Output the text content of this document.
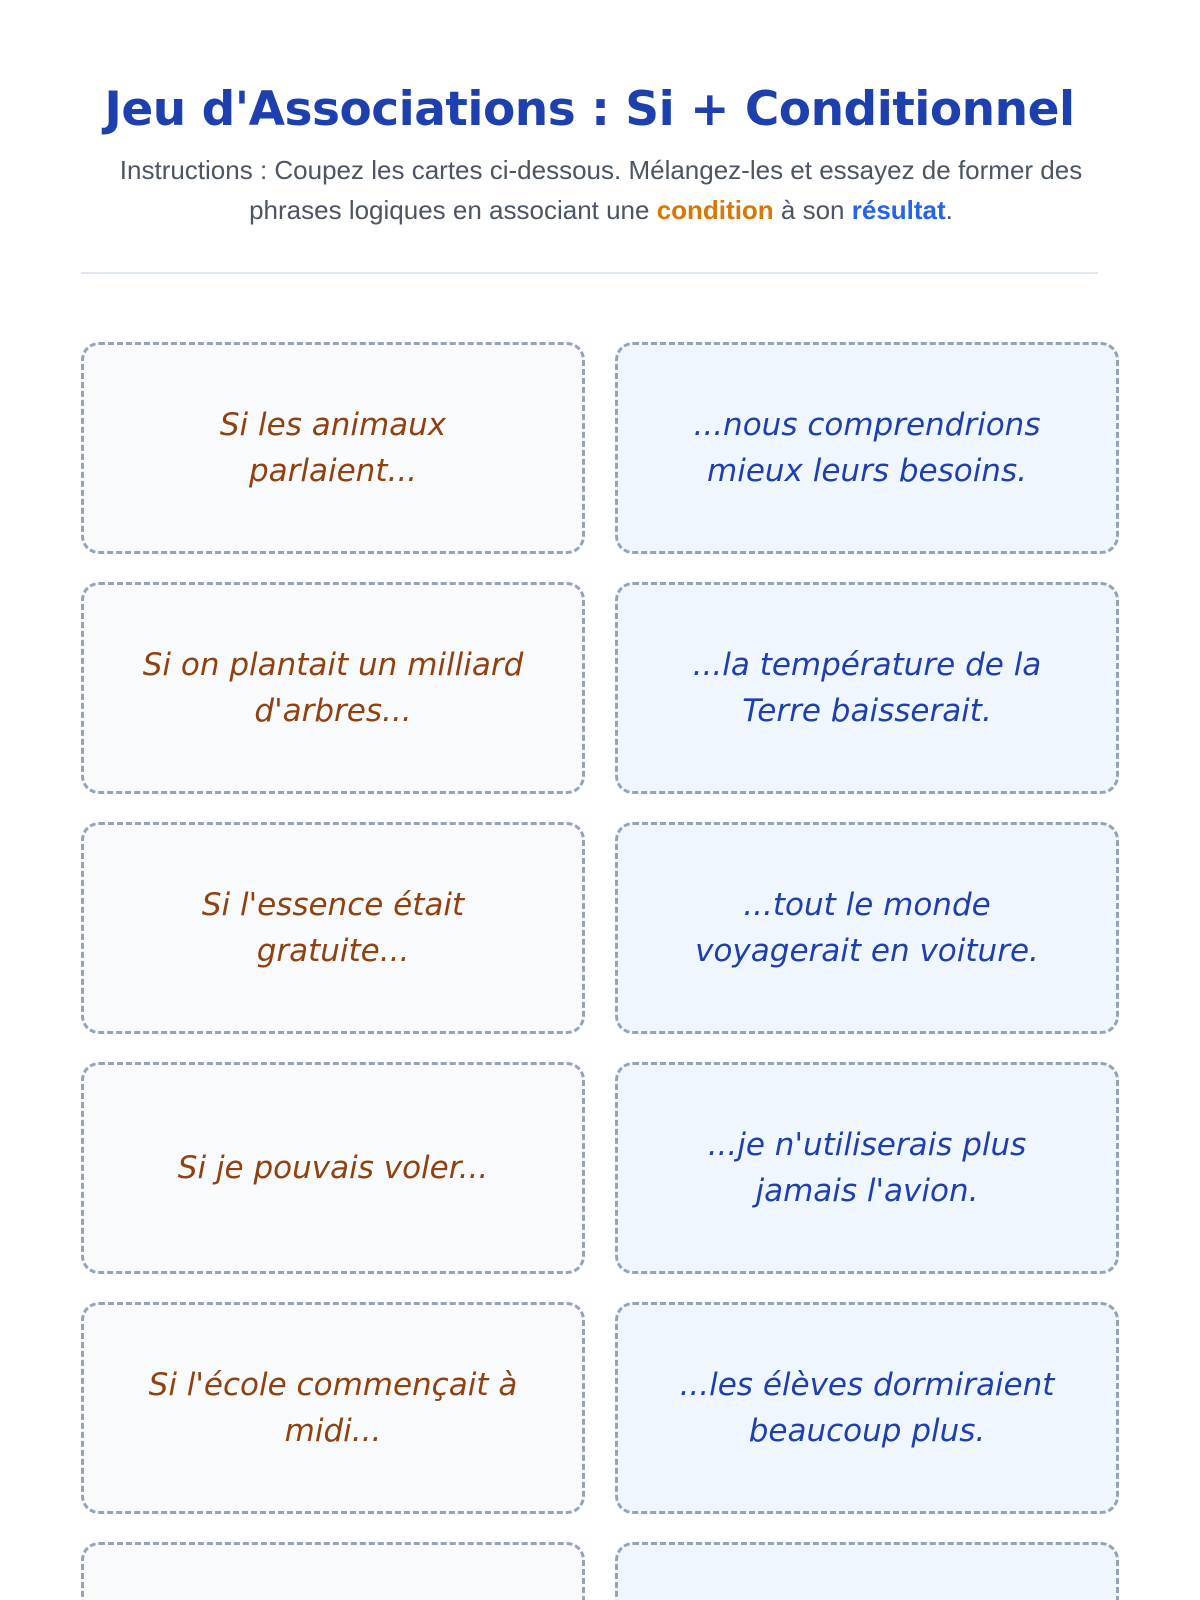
Jeu d'Associations : Si + Conditionnel

Instructions : Coupez les cartes ci-dessous. Mélangez-les et essayez de former des phrases logiques en associant une condition à son résultat.

Si les animaux parlaient...
...nous comprendrions mieux leurs besoins.
Si on plantait un milliard d'arbres...
...la température de la Terre baisserait.
Si l'essence était gratuite...
...tout le monde voyagerait en voiture.
Si je pouvais voler...
...je n'utiliserais plus jamais l'avion.
Si l'école commençait à midi...
...les élèves dormiraient beaucoup plus.
